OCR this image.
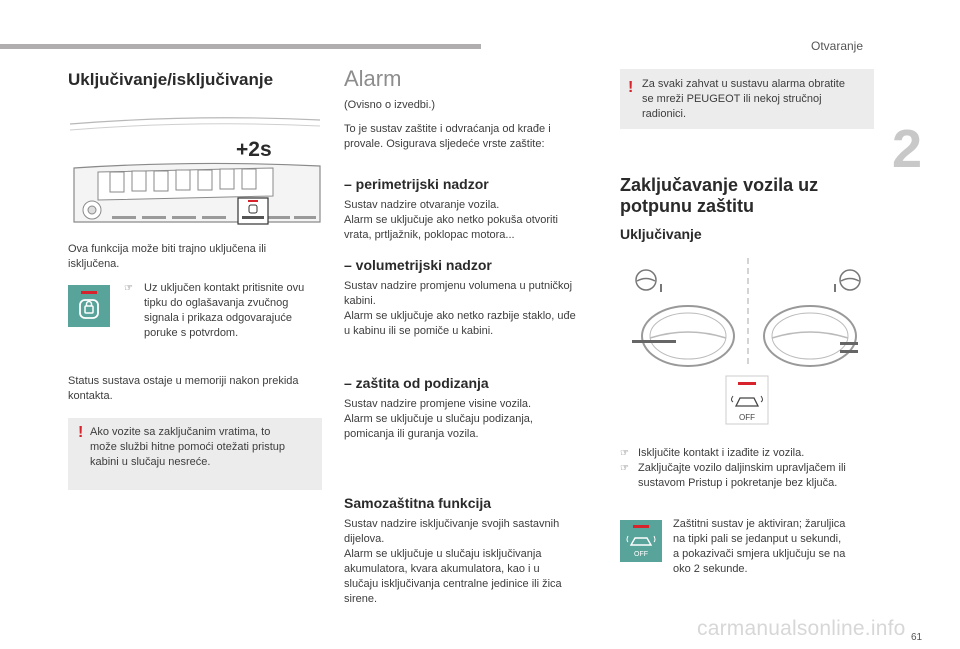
Otvaranje
2
61
carmanualsonline.info
Uključivanje/isključivanje
+2s
Ova funkcija može biti trajno uključena ili
isključena.
☞ Uz uključen kontakt pritisnite ovu
tipku do oglašavanja zvučnog
signala i prikaza odgovarajuće
poruke s potvrdom.
Status sustava ostaje u memoriji nakon prekida
kontakta.
! Ako vozite sa zaključanim vratima, to
može službi hitne pomoći otežati pristup
kabini u slučaju nesreće.
Alarm
(Ovisno o izvedbi.)
To je sustav zaštite i odvraćanja od krađe i
provale. Osigurava sljedeće vrste zaštite:
– perimetrijski nadzor
Sustav nadzire otvaranje vozila.
Alarm se uključuje ako netko pokuša otvoriti
vrata, prtljažnik, poklopac motora...
– volumetrijski nadzor
Sustav nadzire promjenu volumena u putničkoj
kabini.
Alarm se uključuje ako netko razbije staklo, uđe
u kabinu ili se pomiče u kabini.
– zaštita od podizanja
Sustav nadzire promjene visine vozila.
Alarm se uključuje u slučaju podizanja,
pomicanja ili guranja vozila.
Samozaštitna funkcija
Sustav nadzire isključivanje svojih sastavnih
dijelova.
Alarm se uključuje u slučaju isključivanja
akumulatora, kvara akumulatora, kao i u
slučaju isključivanja centralne jedinice ili žica
sirene.
! Za svaki zahvat u sustavu alarma obratite
se mreži PEUGEOT ili nekoj stručnoj
radionici.
Zaključavanje vozila uz
potpunu zaštitu
Uključivanje
OFF
☞ Isključite kontakt i izađite iz vozila.
☞ Zaključajte vozilo daljinskim upravljačem ili
sustavom Pristup i pokretanje bez ključa.
OFF
Zaštitni sustav je aktiviran; žaruljica
na tipki pali se jedanput u sekundi,
a pokazivači smjera uključuju se na
oko 2 sekunde.
